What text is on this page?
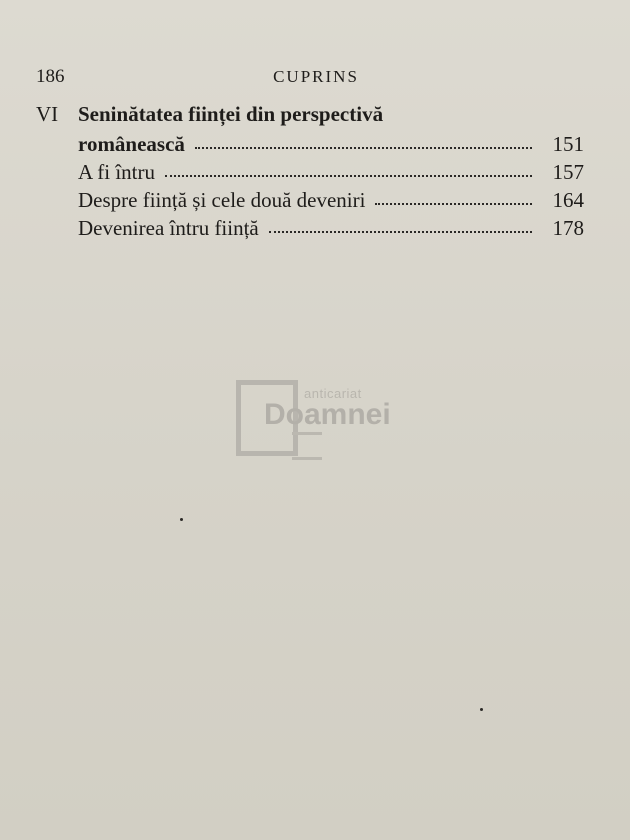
186	CUPRINS
VI Seninătatea ființei din perspectivă
românească	151
A fi întru	157
Despre ființă și cele două deveniri	164
Devenirea întru ființă	178
anticariat
Doamnei
